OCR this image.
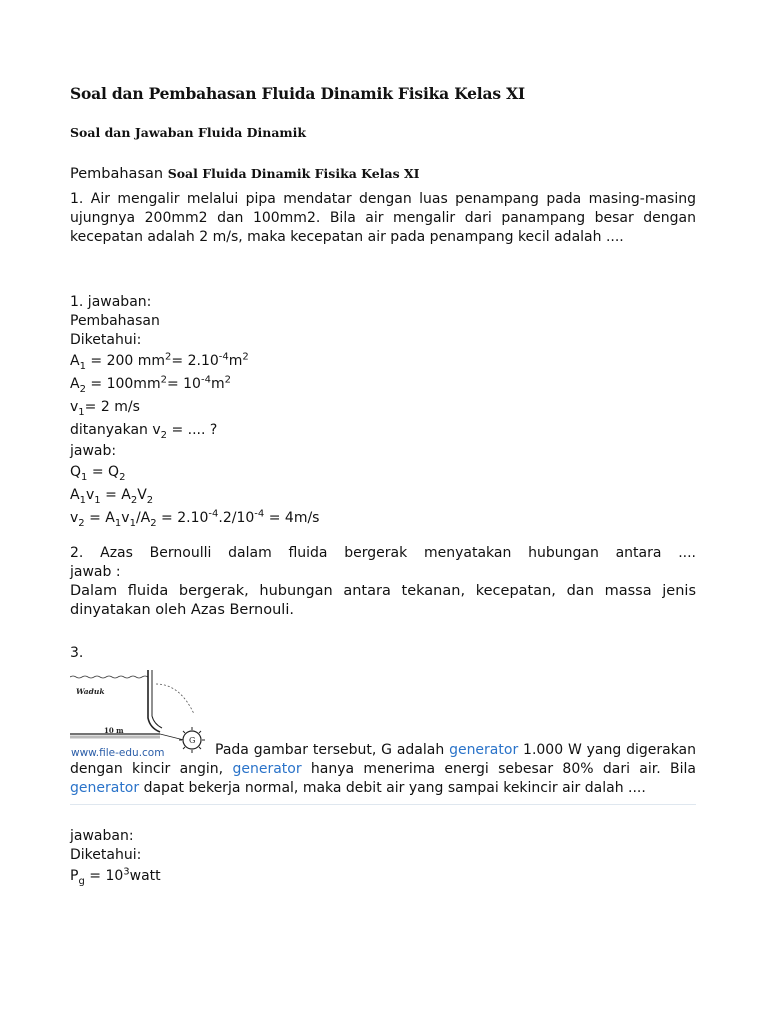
Soal dan Pembahasan Fluida Dinamik Fisika Kelas XI
Soal dan Jawaban Fluida Dinamik
Pembahasan Soal Fluida Dinamik Fisika Kelas XI

1. Air mengalir melalui pipa mendatar dengan luas penampang pada masing-masing ujungnya 200mm2 dan 100mm2. Bila air mengalir dari panampang besar dengan kecepatan adalah 2 m/s, maka kecepatan air pada penampang kecil adalah ....

1. jawaban:
Pembahasan
Diketahui:
$A_1 = 200$ $mm^2= 2.10^{-4}m^2$
$A_2 = 100mm^2= 10^{-4}m^2$
$v_1= 2$ m/s
ditanyakan $v_2$ = .... ?
jawab:
$Q_1 = Q_2$
$A_1v_1 = A_2V_2$
$v_2 = A_1v_1/A_2 = 2.10^{-4}.2/10^{-4} = 4m/s$

2. Azas Bernoulli dalam fluida bergerak menyatakan hubungan antara ....

jawab :

Dalam fluida bergerak, hubungan antara tekanan, kecepatan, dan massa jenis dinyatakan oleh Azas Bernouli.

3.

Waduk
10 m
G
www.file-edu.com	Pada gambar tersebut, G adalah generator 1.000 W yang digerakan dengan kincir angin, generator hanya menerima energi sebesar 80% dari air. Bila generator dapat bekerja normal, maka debit air yang sampai kekincir air dalah ....

jawaban:
Diketahui:
$P_g$ = $10^3watt$
